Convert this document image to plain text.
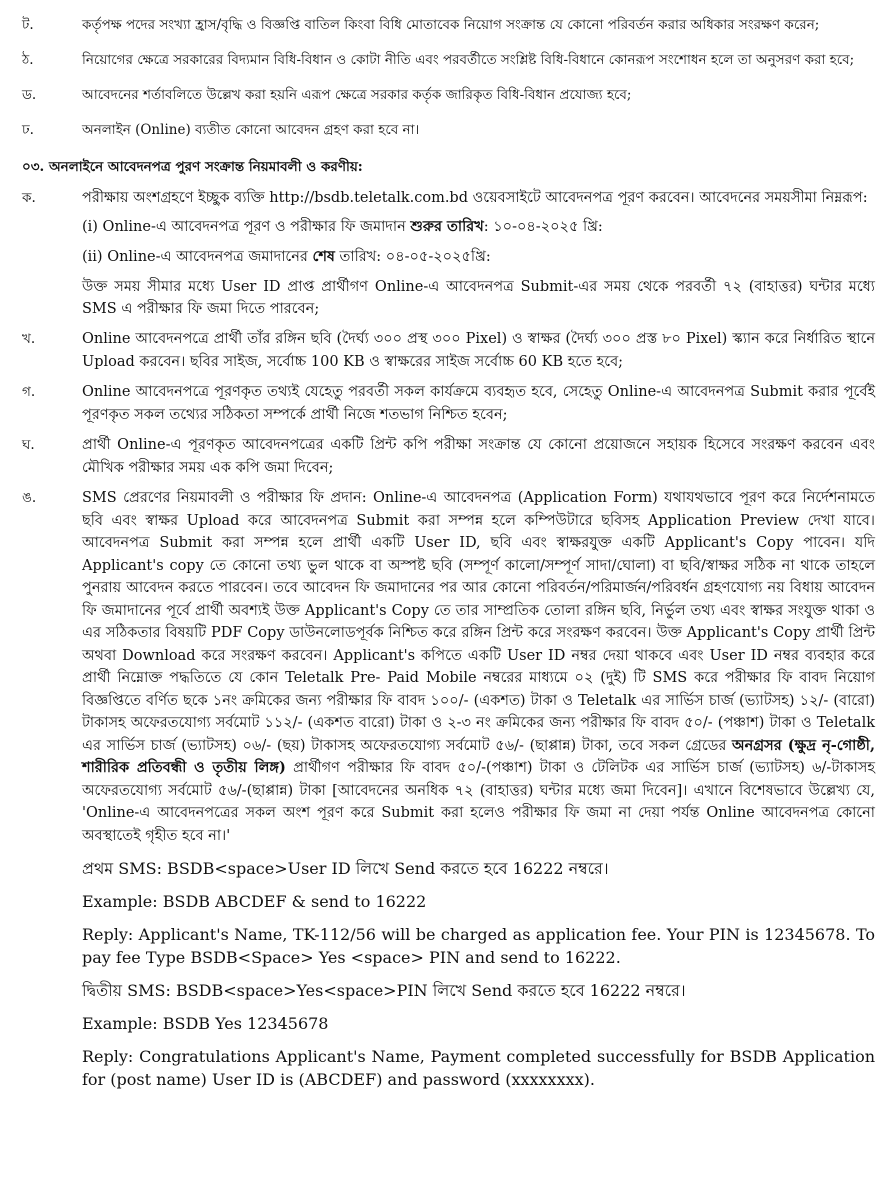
ট.	কর্তৃপক্ষ পদের সংখ্যা হ্রাস/বৃদ্ধি ও বিজ্ঞপ্তি বাতিল কিংবা বিধি মোতাবেক নিয়োগ সংক্রান্ত যে কোনো পরিবর্তন করার অধিকার সংরক্ষণ করেন;
ঠ.	নিয়োগের ক্ষেত্রে সরকারের বিদ্যমান বিধি-বিধান ও কোটা নীতি এবং পরবর্তীতে সংশ্লিষ্ট বিধি-বিধানে কোনরূপ সংশোধন হলে তা অনুসরণ করা হবে;
ড.	আবেদনের শর্তাবলিতে উল্লেখ করা হয়নি এরূপ ক্ষেত্রে সরকার কর্তৃক জারিকৃত বিধি-বিধান প্রযোজ্য হবে;
ঢ.	অনলাইন (Online) ব্যতীত কোনো আবেদন গ্রহণ করা হবে না।
০৩. অনলাইনে আবেদনপত্র পুরণ সংক্রান্ত নিয়মাবলী ও করণীয়:
ক.	পরীক্ষায় অংশগ্রহণে ইচ্ছুক ব্যক্তি http://bsdb.teletalk.com.bd ওয়েবসাইটে আবেদনপত্র পূরণ করবেন। আবেদনের সময়সীমা নিম্নরূপ:
(i) Online-এ আবেদনপত্র পূরণ ও পরীক্ষার ফি জমাদান শুরুর তারিখ: ১০-০৪-২০২৫ খ্রি:
(ii) Online-এ আবেদনপত্র জমাদানের শেষ তারিখ: ০৪-০৫-২০২৫খ্রি:
উক্ত সময় সীমার মধ্যে User ID প্রাপ্ত প্রার্থীগণ Online-এ আবেদনপত্র Submit-এর সময় থেকে পরবর্তী ৭২ (বাহাত্তর) ঘন্টার মধ্যে SMS এ পরীক্ষার ফি জমা দিতে পারবেন;
খ.	Online আবেদনপত্রে প্রার্থী তাঁর রঙ্গিন ছবি (দৈর্ঘ্য ৩০০ প্রস্থ ৩০০ Pixel) ও স্বাক্ষর (দৈর্ঘ্য ৩০০ প্রস্ত ৮০ Pixel) স্ক্যান করে নির্ধারিত স্থানে Upload করবেন। ছবির সাইজ, সর্বোচ্চ 100 KB ও স্বাক্ষরের সাইজ সর্বোচ্চ 60 KB হতে হবে;
গ.	Online আবেদনপত্রে পূরণকৃত তথ্যই যেহেতু পরবর্তী সকল কার্যক্রমে ব্যবহৃত হবে, সেহেতু Online-এ আবেদনপত্র Submit করার পূর্বেই পূরণকৃত সকল তথ্যের সঠিকতা সম্পর্কে প্রার্থী নিজে শতভাগ নিশ্চিত হবেন;
ঘ.	প্রার্থী Online-এ পূরণকৃত আবেদনপত্রের একটি প্রিন্ট কপি পরীক্ষা সংক্রান্ত যে কোনো প্রয়োজনে সহায়ক হিসেবে সংরক্ষণ করবেন এবং মৌখিক পরীক্ষার সময় এক কপি জমা দিবেন;
ঙ.	SMS প্রেরণের নিয়মাবলী ও পরীক্ষার ফি প্রদান: Online-এ আবেদনপত্র (Application Form) যথাযথভাবে পূরণ করে নির্দেশনামতে ছবি এবং স্বাক্ষর Upload করে আবেদনপত্র Submit করা সম্পন্ন হলে কম্পিউটারে ছবিসহ Application Preview দেখা যাবে। আবেদনপত্র Submit করা সম্পন্ন হলে প্রার্থী একটি User ID, ছবি এবং স্বাক্ষরযুক্ত একটি Applicant's Copy পাবেন। যদি Applicant's copy তে কোনো তথ্য ভুল থাকে বা অস্পষ্ট ছবি (সম্পূর্ণ কালো/সম্পূর্ণ সাদা/ঘোলা) বা ছবি/স্বাক্ষর সঠিক না থাকে তাহলে পুনরায় আবেদন করতে পারবেন। তবে আবেদন ফি জমাদানের পর আর কোনো পরিবর্তন/পরিমার্জন/পরিবর্ধন গ্রহণযোগ্য নয় বিধায় আবেদন ফি জমাদানের পূর্বে প্রার্থী অবশ্যই উক্ত Applicant's Copy তে তার সাম্প্রতিক তোলা রঙ্গিন ছবি, নির্ভুল তথ্য এবং স্বাক্ষর সংযুক্ত থাকা ও এর সঠিকতার বিষয়টি PDF Copy ডাউনলোডপূর্বক নিশ্চিত করে রঙ্গিন প্রিন্ট করে সংরক্ষণ করবেন। উক্ত Applicant's Copy প্রার্থী প্রিন্ট অথবা Download করে সংরক্ষণ করবেন। Applicant's কপিতে একটি User ID নম্বর দেয়া থাকবে এবং User ID নম্বর ব্যবহার করে প্রার্থী নিম্নোক্ত পদ্ধতিতে যে কোন Teletalk Pre- Paid Mobile নম্বরের মাধ্যমে ০২ (দুই) টি SMS করে পরীক্ষার ফি বাবদ নিয়োগ বিজ্ঞপ্তিতে বর্ণিত ছকে ১নং ক্রমিকের জন্য পরীক্ষার ফি বাবদ ১০০/- (একশত) টাকা ও Teletalk এর সার্ভিস চার্জ (ভ্যাটসহ) ১২/- (বারো) টাকাসহ অফেরতযোগ্য সর্বমোট ১১২/- (একশত বারো) টাকা ও ২-৩ নং ক্রমিকের জন্য পরীক্ষার ফি বাবদ ৫০/- (পঞ্চাশ) টাকা ও Teletalk এর সার্ভিস চার্জ (ভ্যাটসহ) ০৬/- (ছয়) টাকাসহ অফেরতযোগ্য সর্বমোট ৫৬/- (ছাপ্পান্ন) টাকা, তবে সকল গ্রেডের অনগ্রসর (ক্ষুদ্র নৃ-গোষ্ঠী, শারীরিক প্রতিবন্ধী ও তৃতীয় লিঙ্গ) প্রার্থীগণ পরীক্ষার ফি বাবদ ৫০/-(পঞ্চাশ) টাকা ও টেলিটক এর সার্ভিস চার্জ (ভ্যাটসহ) ৬/-টাকাসহ অফেরতযোগ্য সর্বমোট ৫৬/-(ছাপ্পান্ন) টাকা [আবেদনের অনধিক ৭২ (বাহাত্তর) ঘন্টার মধ্যে জমা দিবেন]। এখানে বিশেষভাবে উল্লেখ্য যে, 'Online-এ আবেদনপত্রের সকল অংশ পূরণ করে Submit করা হলেও পরীক্ষার ফি জমা না দেয়া পর্যন্ত Online আবেদনপত্র কোনো অবস্থাতেই গৃহীত হবে না।'
প্রথম SMS: BSDB<space>User ID লিখে Send করতে হবে 16222 নম্বরে।
Example: BSDB ABCDEF & send to 16222
Reply: Applicant's Name, TK-112/56 will be charged as application fee. Your PIN is 12345678. To pay fee Type BSDB<Space> Yes <space> PIN and send to 16222.
দ্বিতীয় SMS: BSDB<space>Yes<space>PIN লিখে Send করতে হবে 16222 নম্বরে।
Example: BSDB Yes 12345678
Reply: Congratulations Applicant's Name, Payment completed successfully for BSDB Application for (post name) User ID is (ABCDEF) and password (xxxxxxxx).
